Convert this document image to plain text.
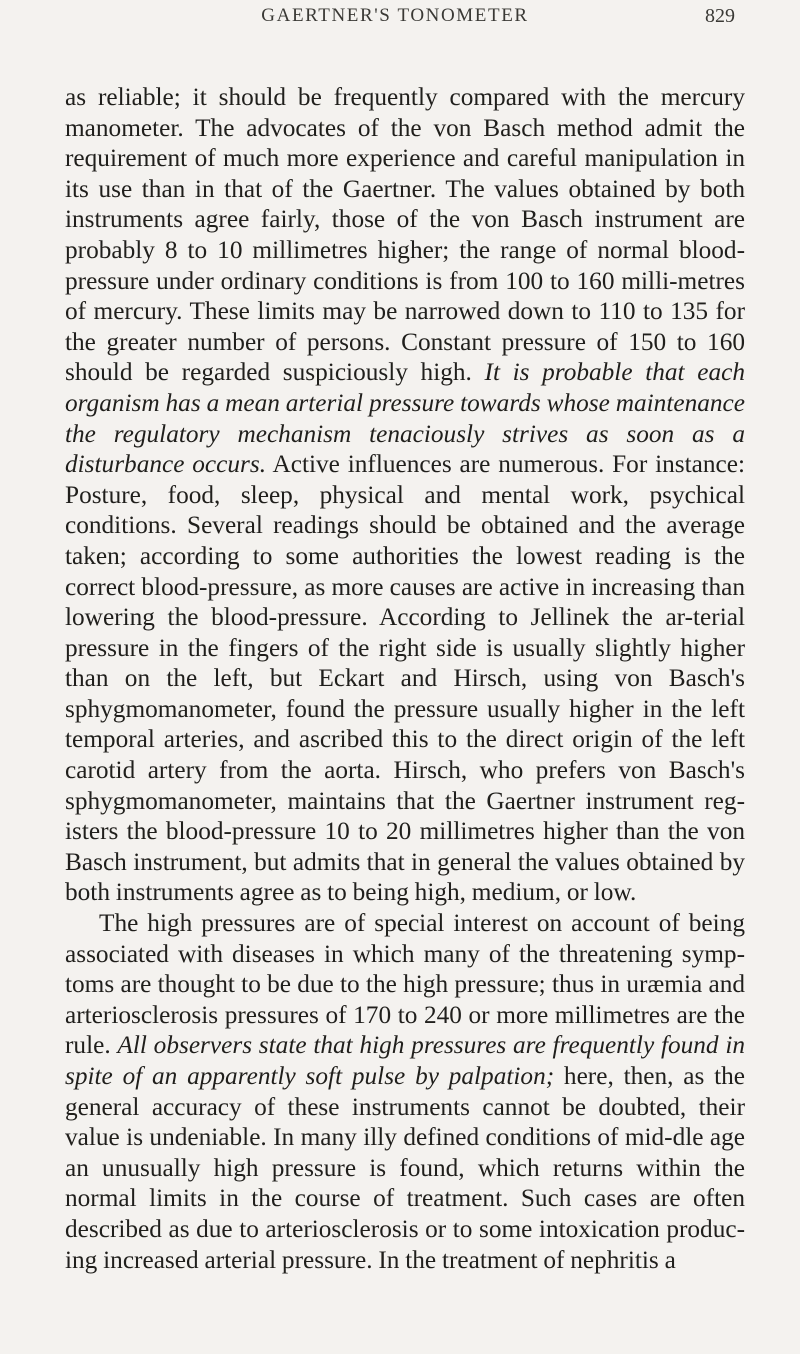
GAERTNER'S TONOMETER	829

as reliable; it should be frequently compared with the mercury manometer. The advocates of the von Basch method admit the requirement of much more experience and careful manipulation in its use than in that of the Gaertner. The values obtained by both instruments agree fairly, those of the von Basch instrument are probably 8 to 10 millimetres higher; the range of normal blood-pressure under ordinary conditions is from 100 to 160 milli-metres of mercury. These limits may be narrowed down to 110 to 135 for the greater number of persons. Constant pressure of 150 to 160 should be regarded suspiciously high. It is probable that each organism has a mean arterial pressure towards whose maintenance the regulatory mechanism tenaciously strives as soon as a disturbance occurs. Active influences are numerous. For instance: Posture, food, sleep, physical and mental work, psychical conditions. Several readings should be obtained and the average taken; according to some authorities the lowest reading is the correct blood-pressure, as more causes are active in increasing than lowering the blood-pressure. According to Jellinek the ar-terial pressure in the fingers of the right side is usually slightly higher than on the left, but Eckart and Hirsch, using von Basch's sphygmomanometer, found the pressure usually higher in the left temporal arteries, and ascribed this to the direct origin of the left carotid artery from the aorta. Hirsch, who prefers von Basch's sphygmomanometer, maintains that the Gaertner instrument reg-isters the blood-pressure 10 to 20 millimetres higher than the von Basch instrument, but admits that in general the values obtained by both instruments agree as to being high, medium, or low.

The high pressures are of special interest on account of being associated with diseases in which many of the threatening symp-toms are thought to be due to the high pressure; thus in uræmia and arteriosclerosis pressures of 170 to 240 or more millimetres are the rule. All observers state that high pressures are frequently found in spite of an apparently soft pulse by palpation; here, then, as the general accuracy of these instruments cannot be doubted, their value is undeniable. In many illy defined conditions of mid-dle age an unusually high pressure is found, which returns within the normal limits in the course of treatment. Such cases are often described as due to arteriosclerosis or to some intoxication produc-ing increased arterial pressure. In the treatment of nephritis a
